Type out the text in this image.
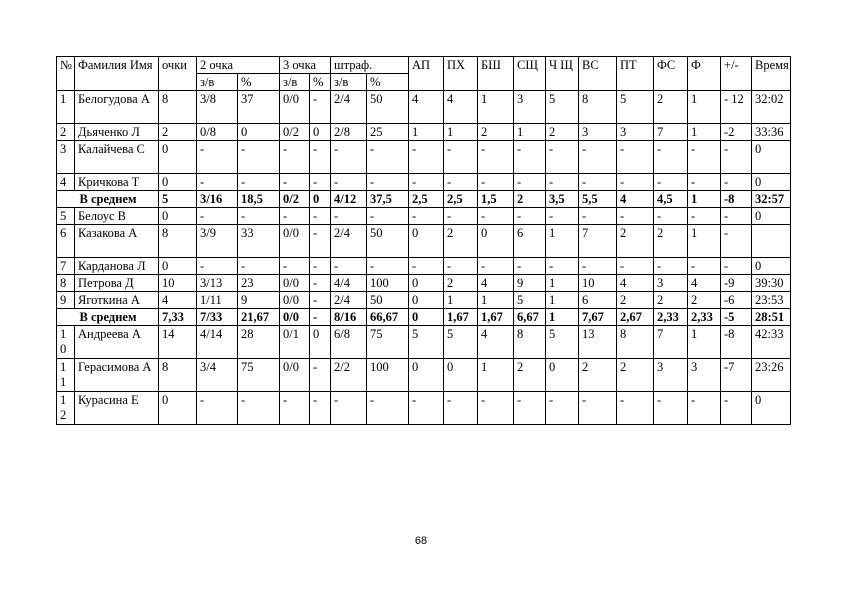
№	Фамилия Имя	очки	2 очка		3 очка		штраф.		АП	ПХ	БШ	СЩ	Ч Щ	ВС	ПТ	ФС	Ф	+/-	Время
			з/в	%	з/в	%	з/в	%											
1	Белогудова А	8	3/8	37	0/0	-	2/4	50	4	4	1	3	5	8	5	2	1	- 12	32:02
2	Дьяченко Л	2	0/8	0	0/2	0	2/8	25	1	1	2	1	2	3	3	7	1	-2	33:36
3	Калайчева С	0	-	-	-	-	-	-	-	-	-	-	-	-	-	-	-	-	0
4	Кричкова Т	0	-	-	-	-	-	-	-	-	-	-	-	-	-	-	-	-	0
В среднем		5	3/16	18,5	0/2	0	4/12	37,5	2,5	2,5	1,5	2	3,5	5,5	4	4,5	1	-8	32:57
5	Белоус В	0	-	-	-	-	-	-	-	-	-	-	-	-	-	-	-	-	0
6	Казакова А	8	3/9	33	0/0	-	2/4	50	0	2	0	6	1	7	2	2	1	-	
7	Карданова Л	0	-	-	-	-	-	-	-	-	-	-	-	-	-	-	-	-	0
8	Петрова Д	10	3/13	23	0/0	-	4/4	100	0	2	4	9	1	10	4	3	4	-9	39:30
9	Яготкина А	4	1/11	9	0/0	-	2/4	50	0	1	1	5	1	6	2	2	2	-6	23:53
В среднем		7,33	7/33	21,67	0/0	-	8/16	66,67	0	1,67	1,67	6,67	1	7,67	2,67	2,33	2,33	-5	28:51
1 0	Андреева А	14	4/14	28	0/1	0	6/8	75	5	5	4	8	5	13	8	7	1	-8	42:33
1 1	Герасимова А	8	3/4	75	0/0	-	2/2	100	0	0	1	2	0	2	2	3	3	-7	23:26
1 2	Курасина Е	0	-	-	-	-	-	-	-	-	-	-	-	-	-	-	-	-	0
68
